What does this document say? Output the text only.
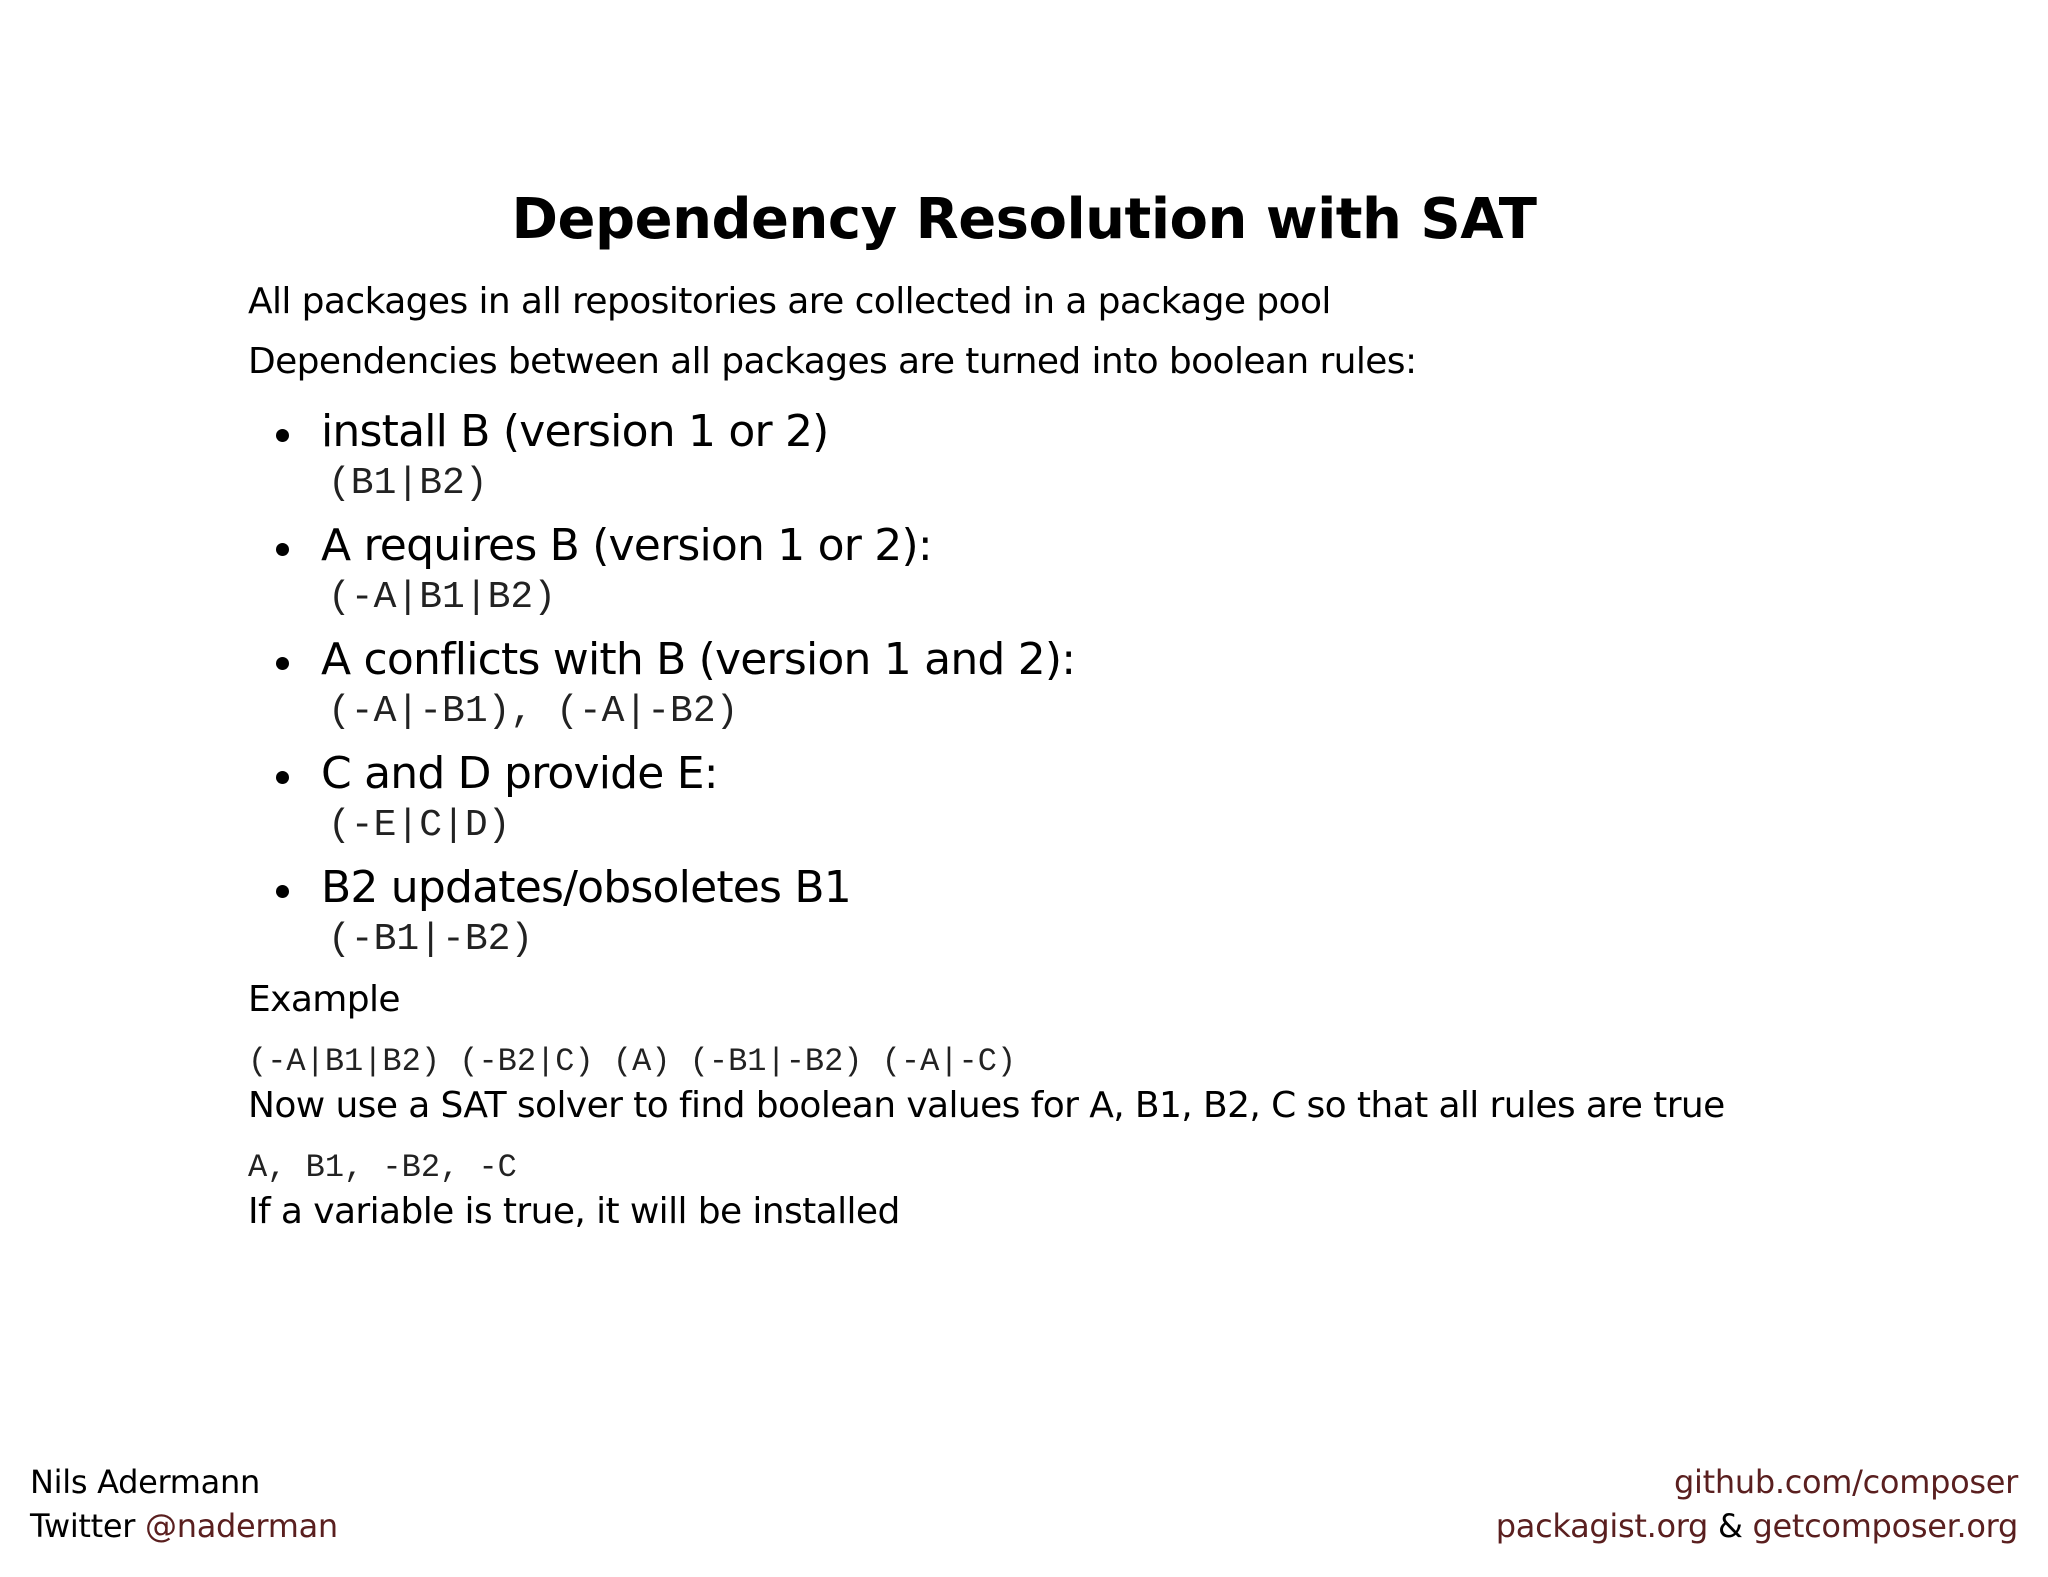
Dependency Resolution with SAT
All packages in all repositories are collected in a package pool
Dependencies between all packages are turned into boolean rules:
install B (version 1 or 2)
(B1|B2)
A requires B (version 1 or 2):
(-A|B1|B2)
A conflicts with B (version 1 and 2):
(-A|-B1), (-A|-B2)
C and D provide E:
(-E|C|D)
B2 updates/obsoletes B1
(-B1|-B2)
Example
(-A|B1|B2) (-B2|C) (A) (-B1|-B2) (-A|-C)
Now use a SAT solver to find boolean values for A, B1, B2, C so that all rules are true
A, B1, -B2, -C
If a variable is true, it will be installed
Nils Adermann
Twitter @naderman
github.com/composer
packagist.org & getcomposer.org
